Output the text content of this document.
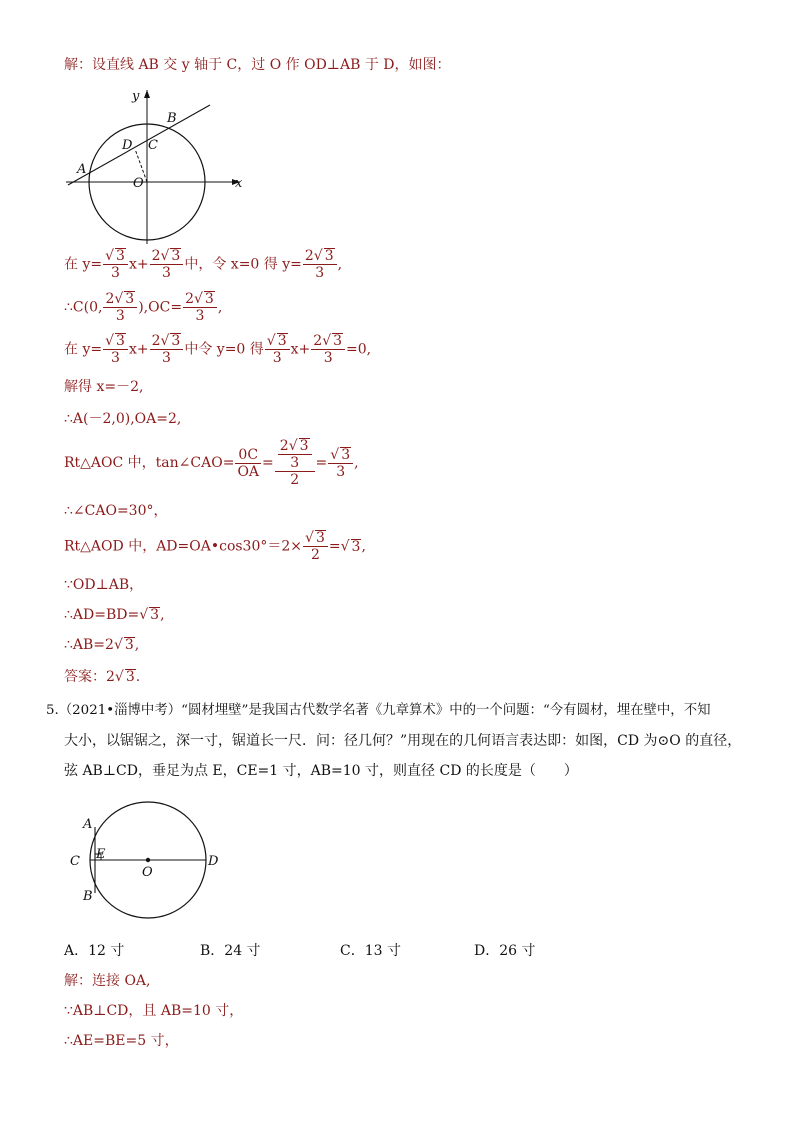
解：设直线 AB 交 y 轴于 C，过 O 作 OD⊥AB 于 D，如图：
y
x
A
B
C
D
O
在 $y= \frac{√ 3}{3} x+ \frac{2√ 3}{3}$ 中，令 x=0 得 $y= \frac{2√ 3}{3}$ ,
∴C(0, $\frac{2√ 3}{3} ),OC= \frac{2√ 3}{3}$ ,
在 $y= \frac{√ 3}{3} x+ \frac{2√ 3}{3}$ 中令 y=0 得 $\frac{√ 3}{3} x+ \frac{2√ 3}{3} =0$,
解得 x=－2,
∴A(－2,0),OA=2,
Rt△AOC 中，tan∠CAO= $\frac{0C}{OA} = \frac{\frac{2√ 3}{3}}{2} = \frac{√ 3}{3}$ ,
∴∠CAO=30°，
Rt△AOD 中，AD=OA•cos30°＝2× $\frac{√ 3}{2}$ =√ 3,
∵OD⊥AB，
∴AD=BD=√ 3,
∴AB=2√ 3,
答案：2√ 3.
5.（2021•淄博中考）“圆材埋壁”是我国古代数学名著《九章算术》中的一个问题：“今有圆材，埋在壁中，不知
大小，以锯锯之，深一寸，锯道长一尺．问：径几何？”用现在的几何语言表达即：如图，CD 为⊙O 的直径，
弦 AB⊥CD，垂足为点 E，CE=1 寸，AB=10 寸，则直径 CD 的长度是（　　）
A
B
C	D
E
O
A．12 寸	B．24 寸	C．13 寸	D．26 寸
解：连接 OA,
∵AB⊥CD，且 AB=10 寸，
∴AE=BE=5 寸，
